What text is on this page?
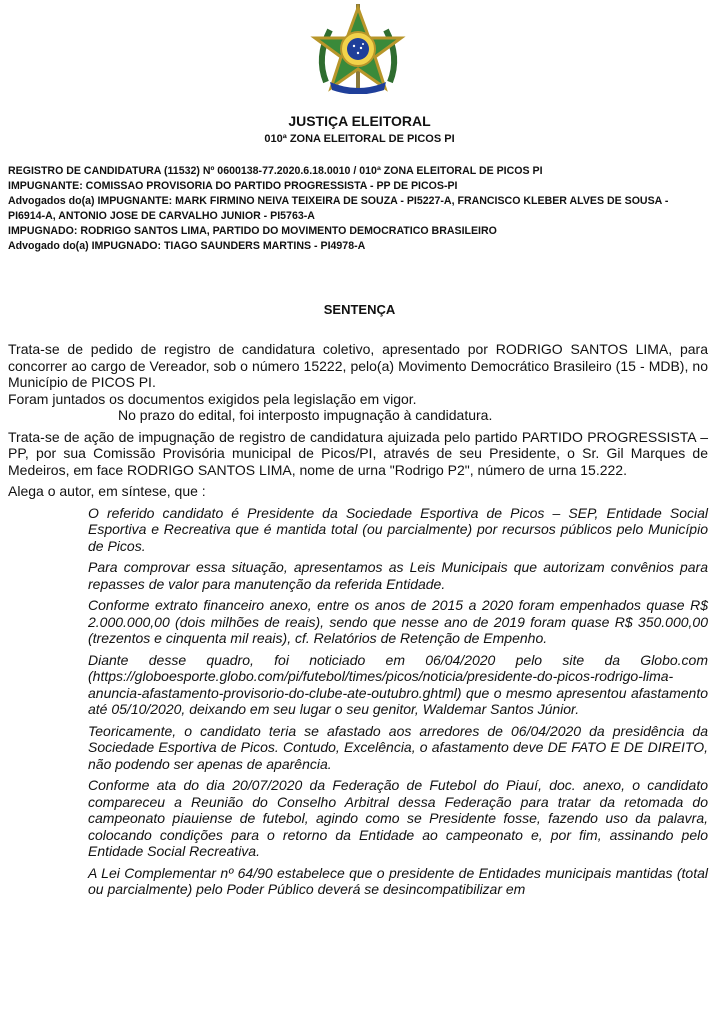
JUSTIÇA ELEITORAL
010ª ZONA ELEITORAL DE PICOS PI
REGISTRO DE CANDIDATURA (11532) Nº 0600138-77.2020.6.18.0010 / 010ª ZONA ELEITORAL DE PICOS PI
IMPUGNANTE: COMISSAO PROVISORIA DO PARTIDO PROGRESSISTA - PP DE PICOS-PI
Advogados do(a) IMPUGNANTE: MARK FIRMINO NEIVA TEIXEIRA DE SOUZA - PI5227-A, FRANCISCO KLEBER ALVES DE SOUSA - PI6914-A, ANTONIO JOSE DE CARVALHO JUNIOR - PI5763-A
IMPUGNADO: RODRIGO SANTOS LIMA, PARTIDO DO MOVIMENTO DEMOCRATICO BRASILEIRO
Advogado do(a) IMPUGNADO: TIAGO SAUNDERS MARTINS - PI4978-A
SENTENÇA

Trata-se de pedido de registro de candidatura coletivo, apresentado por RODRIGO SANTOS LIMA, para concorrer ao cargo de Vereador, sob o número 15222, pelo(a) Movimento Democrático Brasileiro (15 - MDB), no Município de PICOS PI.

Foram juntados os documentos exigidos pela legislação em vigor.

No prazo do edital, foi interposto impugnação à candidatura.

Trata-se de ação de impugnação de registro de candidatura ajuizada pelo partido PARTIDO PROGRESSISTA – PP, por sua Comissão Provisória municipal de Picos/PI, através de seu Presidente, o Sr. Gil Marques de Medeiros, em face RODRIGO SANTOS LIMA, nome de urna "Rodrigo P2", número de urna 15.222.

Alega o autor, em síntese, que :

O referido candidato é Presidente da Sociedade Esportiva de Picos – SEP, Entidade Social Esportiva e Recreativa que é mantida total (ou parcialmente) por recursos públicos pelo Município de Picos.

Para comprovar essa situação, apresentamos as Leis Municipais que autorizam convênios para repasses de valor para manutenção da referida Entidade.

Conforme extrato financeiro anexo, entre os anos de 2015 a 2020 foram empenhados quase R$ 2.000.000,00 (dois milhões de reais), sendo que nesse ano de 2019 foram quase R$ 350.000,00 (trezentos e cinquenta mil reais), cf. Relatórios de Retenção de Empenho.

Diante desse quadro, foi noticiado em 06/04/2020 pelo site da Globo.com (https://globoesporte.globo.com/pi/futebol/times/picos/noticia/presidente-do-picos-rodrigo-lima-anuncia-afastamento-provisorio-do-clube-ate-outubro.ghtml) que o mesmo apresentou afastamento até 05/10/2020, deixando em seu lugar o seu genitor, Waldemar Santos Júnior.

Teoricamente, o candidato teria se afastado aos arredores de 06/04/2020 da presidência da Sociedade Esportiva de Picos. Contudo, Excelência, o afastamento deve DE FATO E DE DIREITO, não podendo ser apenas de aparência.

Conforme ata do dia 20/07/2020 da Federação de Futebol do Piauí, doc. anexo, o candidato compareceu a Reunião do Conselho Arbitral dessa Federação para tratar da retomada do campeonato piauiense de futebol, agindo como se Presidente fosse, fazendo uso da palavra, colocando condições para o retorno da Entidade ao campeonato e, por fim, assinando pelo Entidade Social Recreativa.

A Lei Complementar nº 64/90 estabelece que o presidente de Entidades municipais mantidas (total ou parcialmente) pelo Poder Público deverá se desincompatibilizar em
